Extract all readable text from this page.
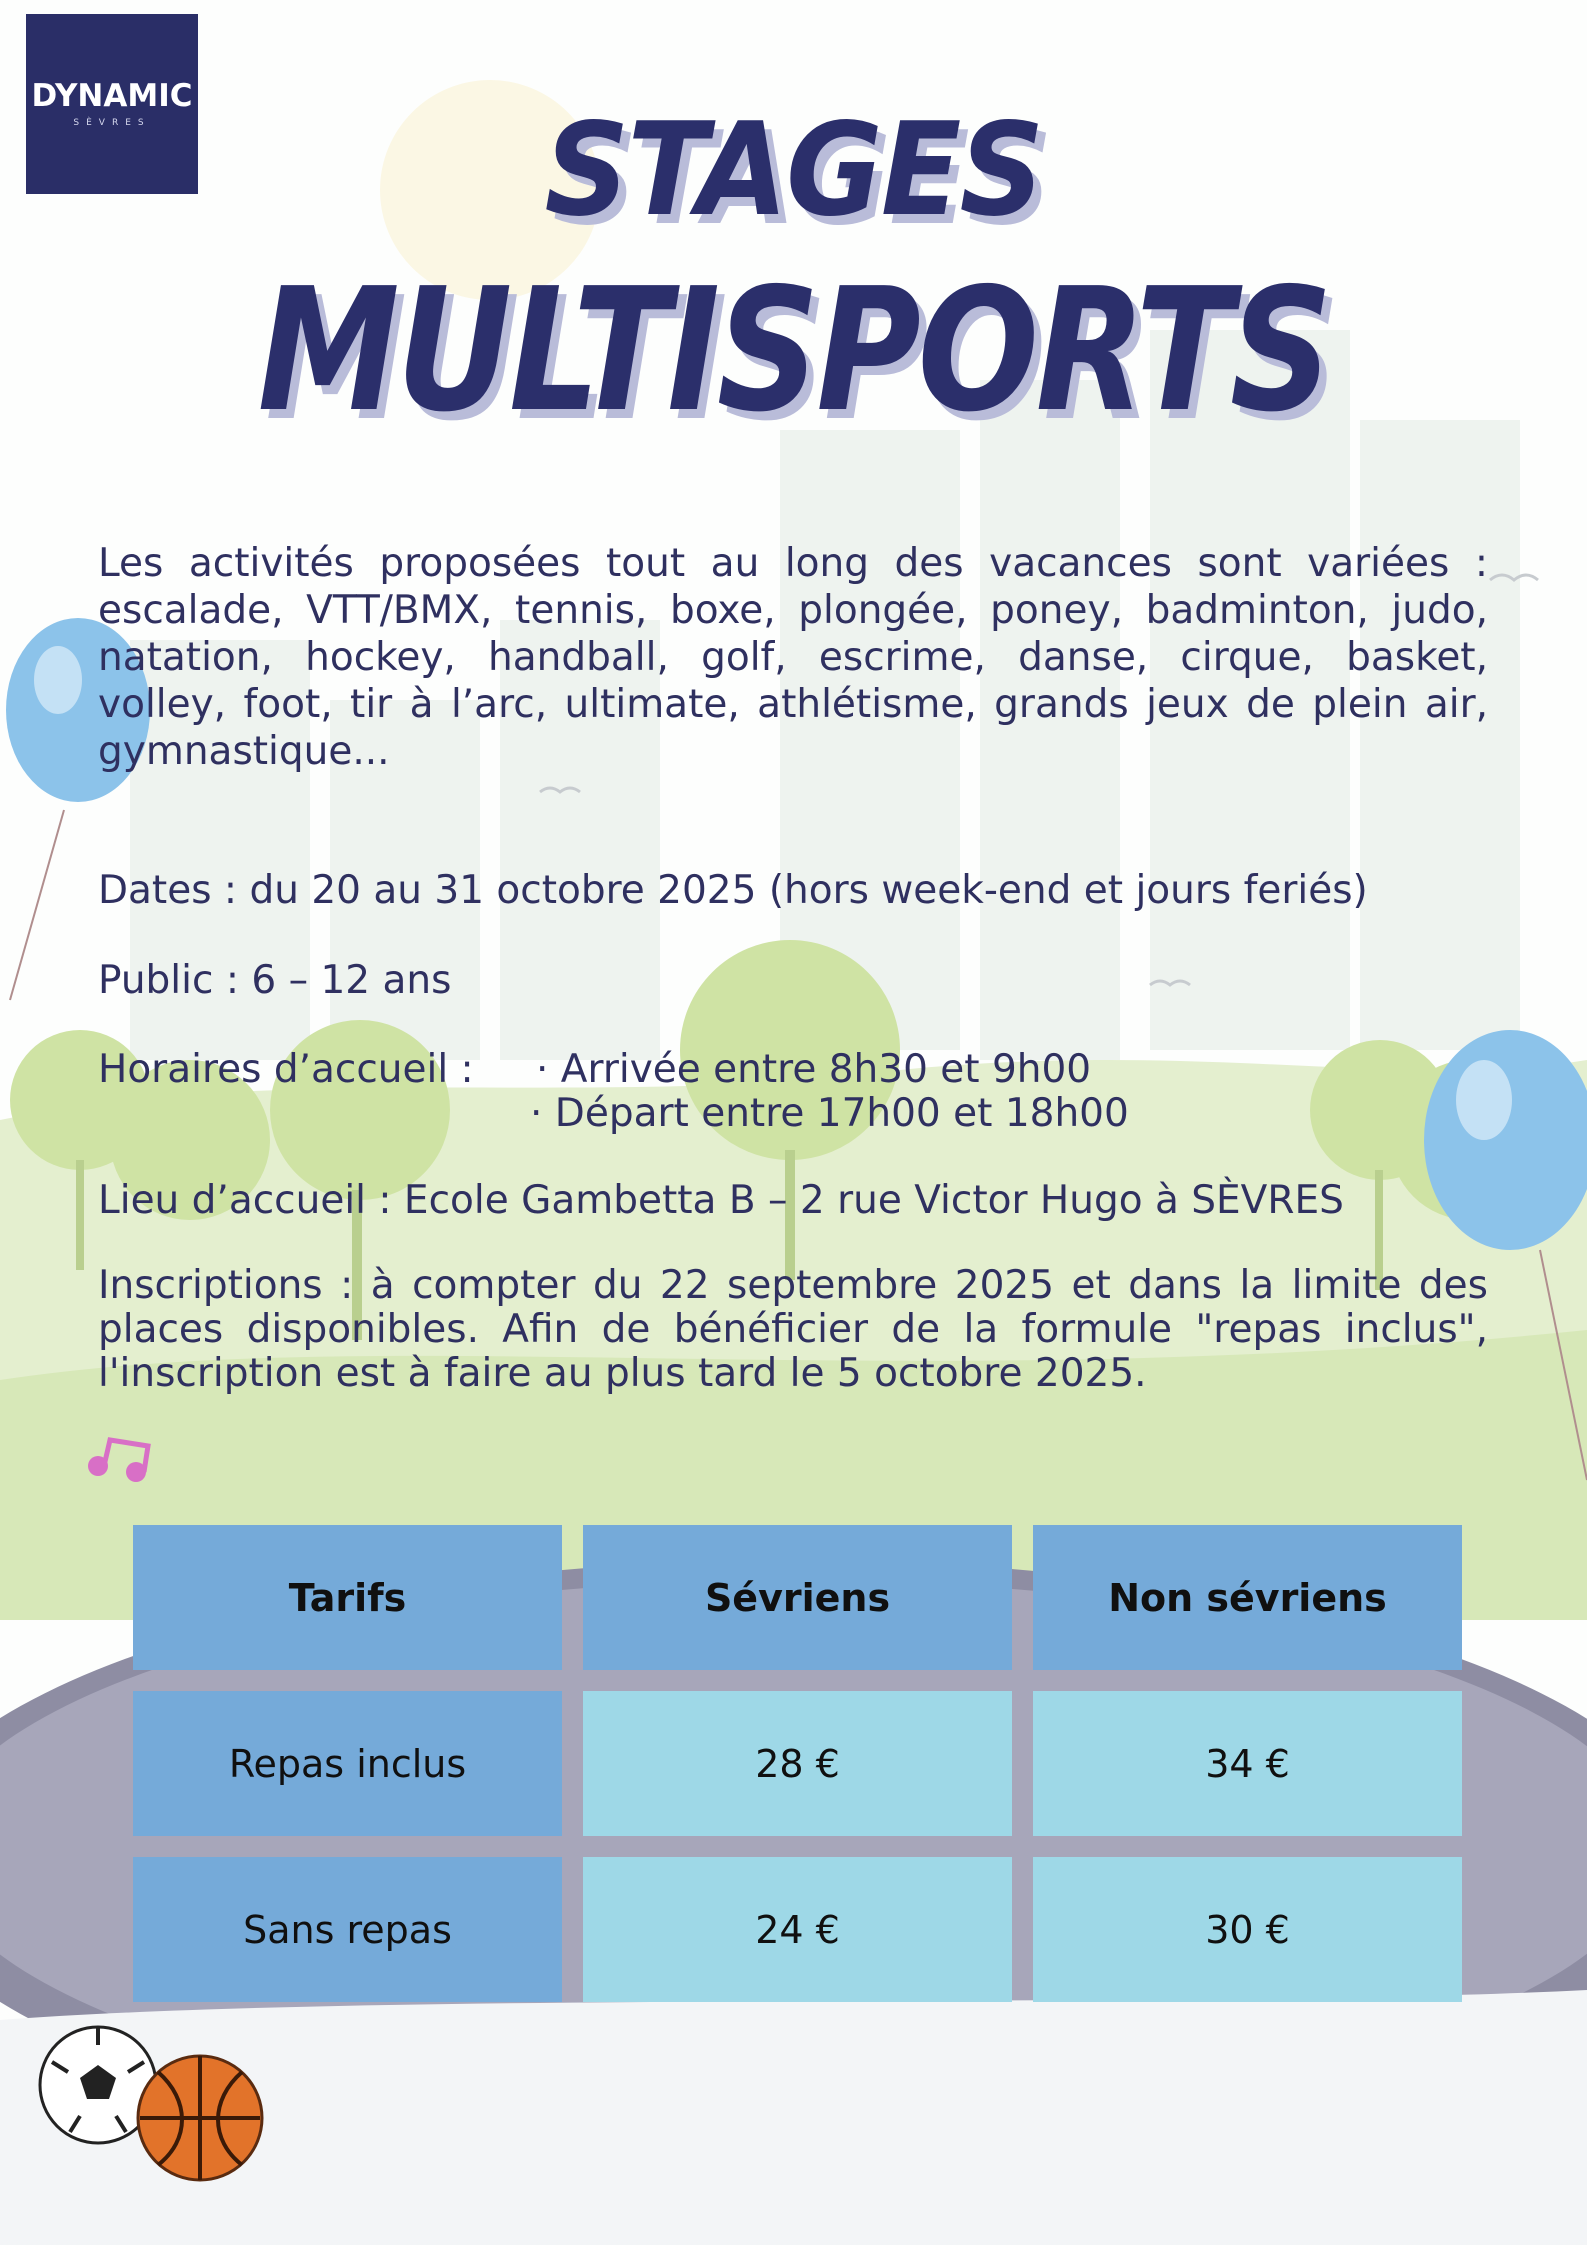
DYNAMIC
SÈVRES	STAGES
MULTISPORTS
Les activités proposées tout au long des vacances sont variées : escalade, VTT/BMX, tennis, boxe, plongée, poney, badminton, judo, natation, hockey, handball, golf, escrime, danse, cirque, basket, volley, foot, tir à l’arc, ultimate, athlétisme, grands jeux de plein air, gymnastique...
Dates : du 20 au 31 octobre 2025 (hors week-end et jours feriés)
Public : 6 – 12 ans
Horaires d’accueil : · Arrivée entre 8h30 et 9h00
· Départ entre 17h00 et 18h00
Lieu d’accueil : Ecole Gambetta B – 2 rue Victor Hugo à SÈVRES
Inscriptions : à compter du 22 septembre 2025 et dans la limite des places disponibles. Afin de bénéficier de la formule "repas inclus", l'inscription est à faire au plus tard le 5 octobre 2025.
Tarifs	Sévriens	Non sévriens
Repas inclus	28 €	34 €
Sans repas	24 €	30 €
